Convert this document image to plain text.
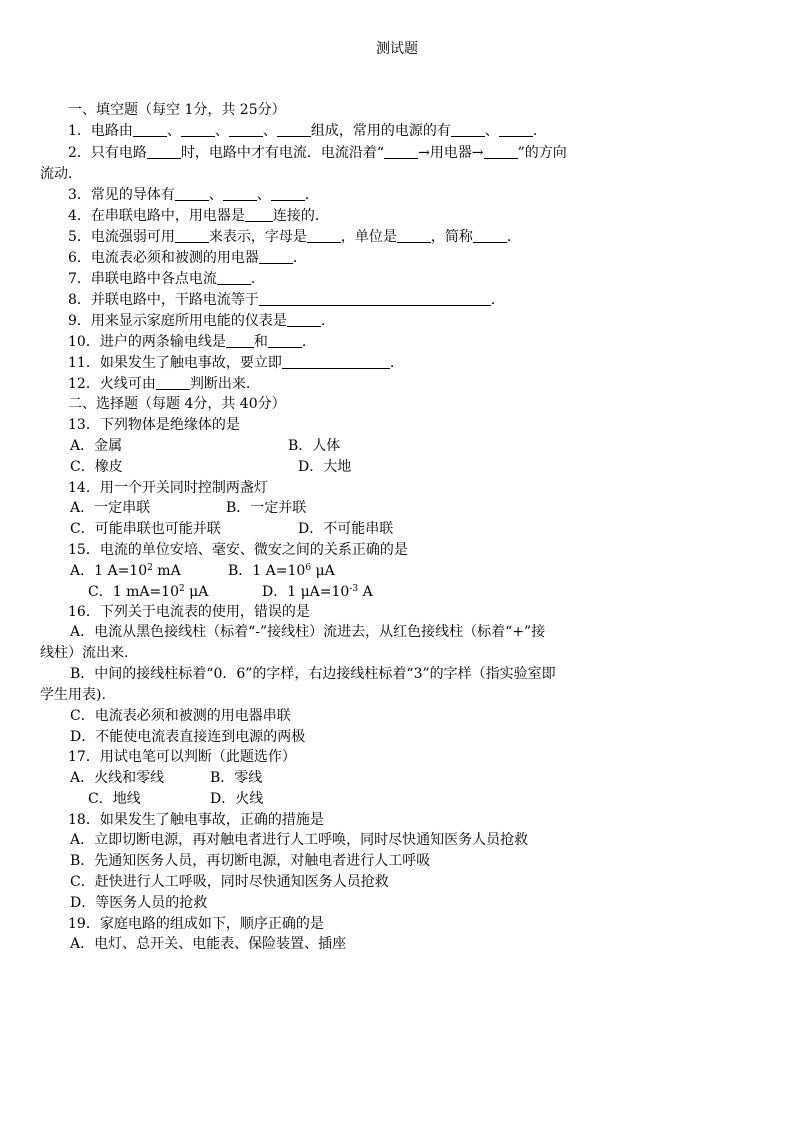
测试题
一、填空题（每空 1分，共 25分）
1．电路由 、 、 、 组成，常用的电源的有 、 .
2．只有电路 时，电路中才有电流．电流沿着“ →用电器→ ”的方向
流动．
3．常见的导体有 、 、 .
4．在串联电路中，用电器是 连接的．
5．电流强弱可用 来表示，字母是 ，单位是 ，简称 .
6．电流表必须和被测的用电器 .
7．串联电路中各点电流 .
8．并联电路中，干路电流等于	.
9．用来显示家庭所用电能的仪表是 .
10．进户的两条输电线是 和 .
11．如果发生了触电事故，要立即	.
12．火线可由 判断出来.
二、选择题（每题 4分，共 40分）
13．下列物体是绝缘体的是
A．金属	B．人体
C．橡皮	D．大地
14．用一个开关同时控制两盏灯
A．一定串联	B．一定并联
C．可能串联也可能并联	D．不可能串联
15．电流的单位安培、毫安、微安之间的关系正确的是
A．1 $A=10^2$ mA	B．1 $A=10^6$ μA
C．1 $mA=10^2$ μA	D．1 $\mu A=10^{-3}$ A
16．下列关于电流表的使用，错误的是
A．电流从黑色接线柱（标着“-”接线柱）流进去，从红色接线柱（标着“+”接
线柱）流出来.
B．中间的接线柱标着“0．6”的字样，右边接线柱标着“3”的字样（指实验室即
学生用表).
C．电流表必须和被测的用电器串联
D．不能使电流表直接连到电源的两极
17．用试电笔可以判断（此题选作）
A．火线和零线	B．零线
C．地线	D．火线
18．如果发生了触电事故，正确的措施是
A．立即切断电源，再对触电者进行人工呼唤，同时尽快通知医务人员抢救
B．先通知医务人员，再切断电源，对触电者进行人工呼吸
C．赶快进行人工呼吸，同时尽快通知医务人员抢救
D．等医务人员的抢救
19．家庭电路的组成如下，顺序正确的是
A．电灯、总开关、电能表、保险装置、插座
